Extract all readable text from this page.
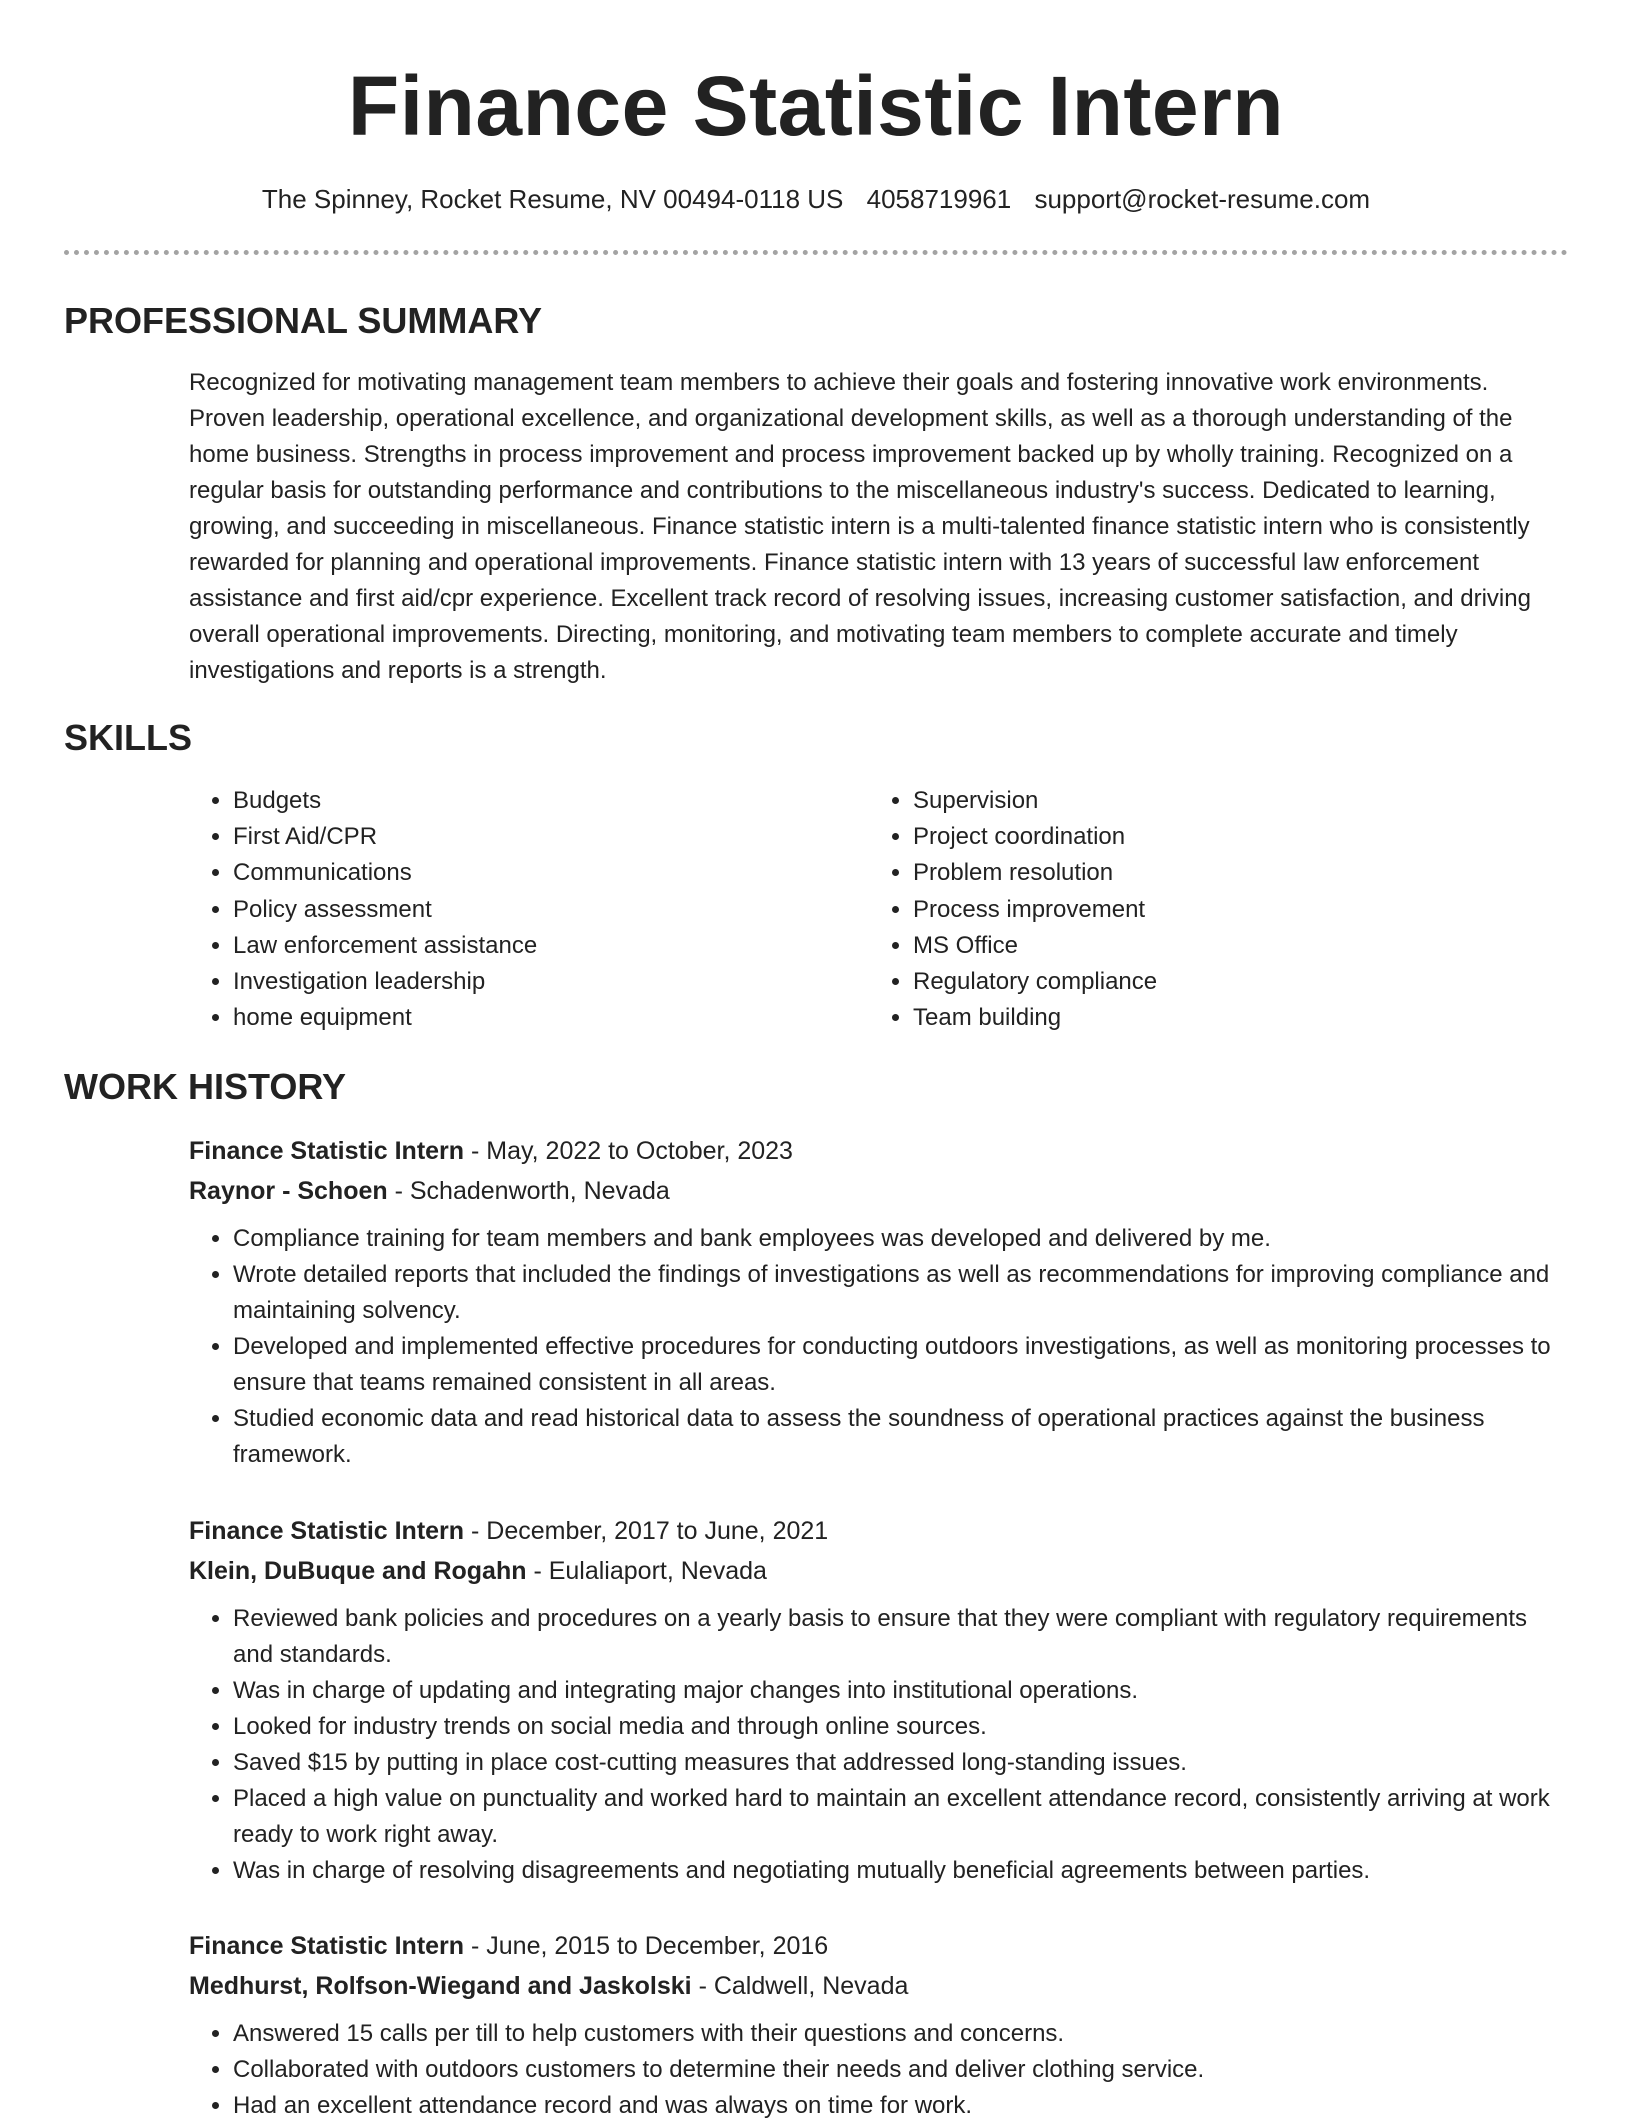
Finance Statistic Intern
The Spinney, Rocket Resume, NV 00494-0118 US 4058719961 support@rocket-resume.com
PROFESSIONAL SUMMARY

Recognized for motivating management team members to achieve their goals and fostering innovative work environments. Proven leadership, operational excellence, and organizational development skills, as well as a thorough understanding of the home business. Strengths in process improvement and process improvement backed up by wholly training. Recognized on a regular basis for outstanding performance and contributions to the miscellaneous industry's success. Dedicated to learning, growing, and succeeding in miscellaneous. Finance statistic intern is a multi-talented finance statistic intern who is consistently rewarded for planning and operational improvements. Finance statistic intern with 13 years of successful law enforcement assistance and first aid/cpr experience. Excellent track record of resolving issues, increasing customer satisfaction, and driving overall operational improvements. Directing, monitoring, and motivating team members to complete accurate and timely investigations and reports is a strength.

SKILLS
• Budgets
• First Aid/CPR
• Communications
• Policy assessment
• Law enforcement assistance
• Investigation leadership
• home equipment
• Supervision
• Project coordination
• Problem resolution
• Process improvement
• MS Office
• Regulatory compliance
• Team building
WORK HISTORY

Finance Statistic Intern - May, 2022 to October, 2023

Raynor - Schoen - Schadenworth, Nevada

• Compliance training for team members and bank employees was developed and delivered by me.
• Wrote detailed reports that included the findings of investigations as well as recommendations for improving compliance and maintaining solvency.
• Developed and implemented effective procedures for conducting outdoors investigations, as well as monitoring processes to ensure that teams remained consistent in all areas.
• Studied economic data and read historical data to assess the soundness of operational practices against the business framework.

Finance Statistic Intern - December, 2017 to June, 2021

Klein, DuBuque and Rogahn - Eulaliaport, Nevada

• Reviewed bank policies and procedures on a yearly basis to ensure that they were compliant with regulatory requirements and standards.
• Was in charge of updating and integrating major changes into institutional operations.
• Looked for industry trends on social media and through online sources.
• Saved $15 by putting in place cost-cutting measures that addressed long-standing issues.
• Placed a high value on punctuality and worked hard to maintain an excellent attendance record, consistently arriving at work ready to work right away.
• Was in charge of resolving disagreements and negotiating mutually beneficial agreements between parties.

Finance Statistic Intern - June, 2015 to December, 2016

Medhurst, Rolfson-Wiegand and Jaskolski - Caldwell, Nevada

• Answered 15 calls per till to help customers with their questions and concerns.
• Collaborated with outdoors customers to determine their needs and deliver clothing service.
• Had an excellent attendance record and was always on time for work.
